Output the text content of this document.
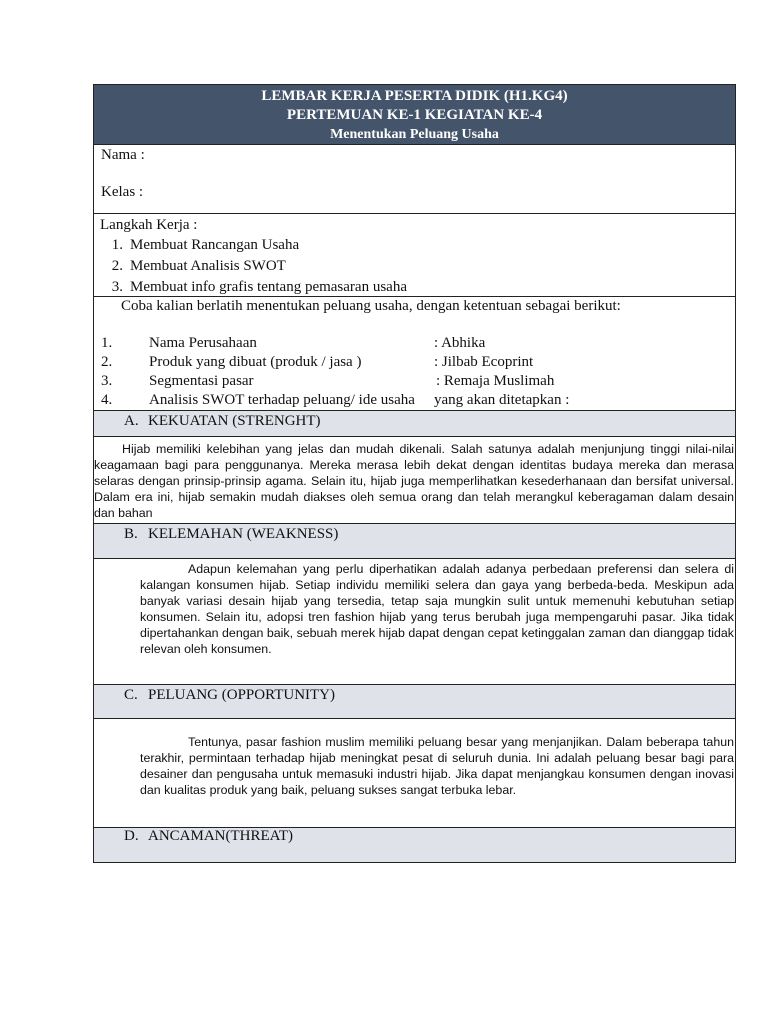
LEMBAR KERJA PESERTA DIDIK (H1.KG4)
PERTEMUAN KE-1 KEGIATAN KE-4
Menentukan Peluang Usaha
Nama :
Kelas :
Langkah Kerja :
1. Membuat Rancangan Usaha
2. Membuat Analisis SWOT
3. Membuat info grafis tentang pemasaran usaha
Coba kalian berlatih menentukan peluang usaha, dengan ketentuan sebagai berikut:
1.	Nama Perusahaan	: Abhika
2.	Produk yang dibuat (produk / jasa )	: Jilbab Ecoprint
3.	Segmentasi pasar	: Remaja Muslimah
4.	Analisis SWOT terhadap peluang/ ide usaha	yang akan ditetapkan :
A. KEKUATAN (STRENGHT)

Hijab memiliki kelebihan yang jelas dan mudah dikenali. Salah satunya adalah menjunjung tinggi nilai-nilai keagamaan bagi para penggunanya. Mereka merasa lebih dekat dengan identitas budaya mereka dan merasa selaras dengan prinsip-prinsip agama. Selain itu, hijab juga memperlihatkan kesederhanaan dan bersifat universal. Dalam era ini, hijab semakin mudah diakses oleh semua orang dan telah merangkul keberagaman dalam desain dan bahan

B. KELEMAHAN (WEAKNESS)

Adapun kelemahan yang perlu diperhatikan adalah adanya perbedaan preferensi dan selera di kalangan konsumen hijab. Setiap individu memiliki selera dan gaya yang berbeda-beda. Meskipun ada banyak variasi desain hijab yang tersedia, tetap saja mungkin sulit untuk memenuhi kebutuhan setiap konsumen. Selain itu, adopsi tren fashion hijab yang terus berubah juga mempengaruhi pasar. Jika tidak dipertahankan dengan baik, sebuah merek hijab dapat dengan cepat ketinggalan zaman dan dianggap tidak relevan oleh konsumen.

C. PELUANG (OPPORTUNITY)

Tentunya, pasar fashion muslim memiliki peluang besar yang menjanjikan. Dalam beberapa tahun terakhir, permintaan terhadap hijab meningkat pesat di seluruh dunia. Ini adalah peluang besar bagi para desainer dan pengusaha untuk memasuki industri hijab. Jika dapat menjangkau konsumen dengan inovasi dan kualitas produk yang baik, peluang sukses sangat terbuka lebar.

D. ANCAMAN(THREAT)
